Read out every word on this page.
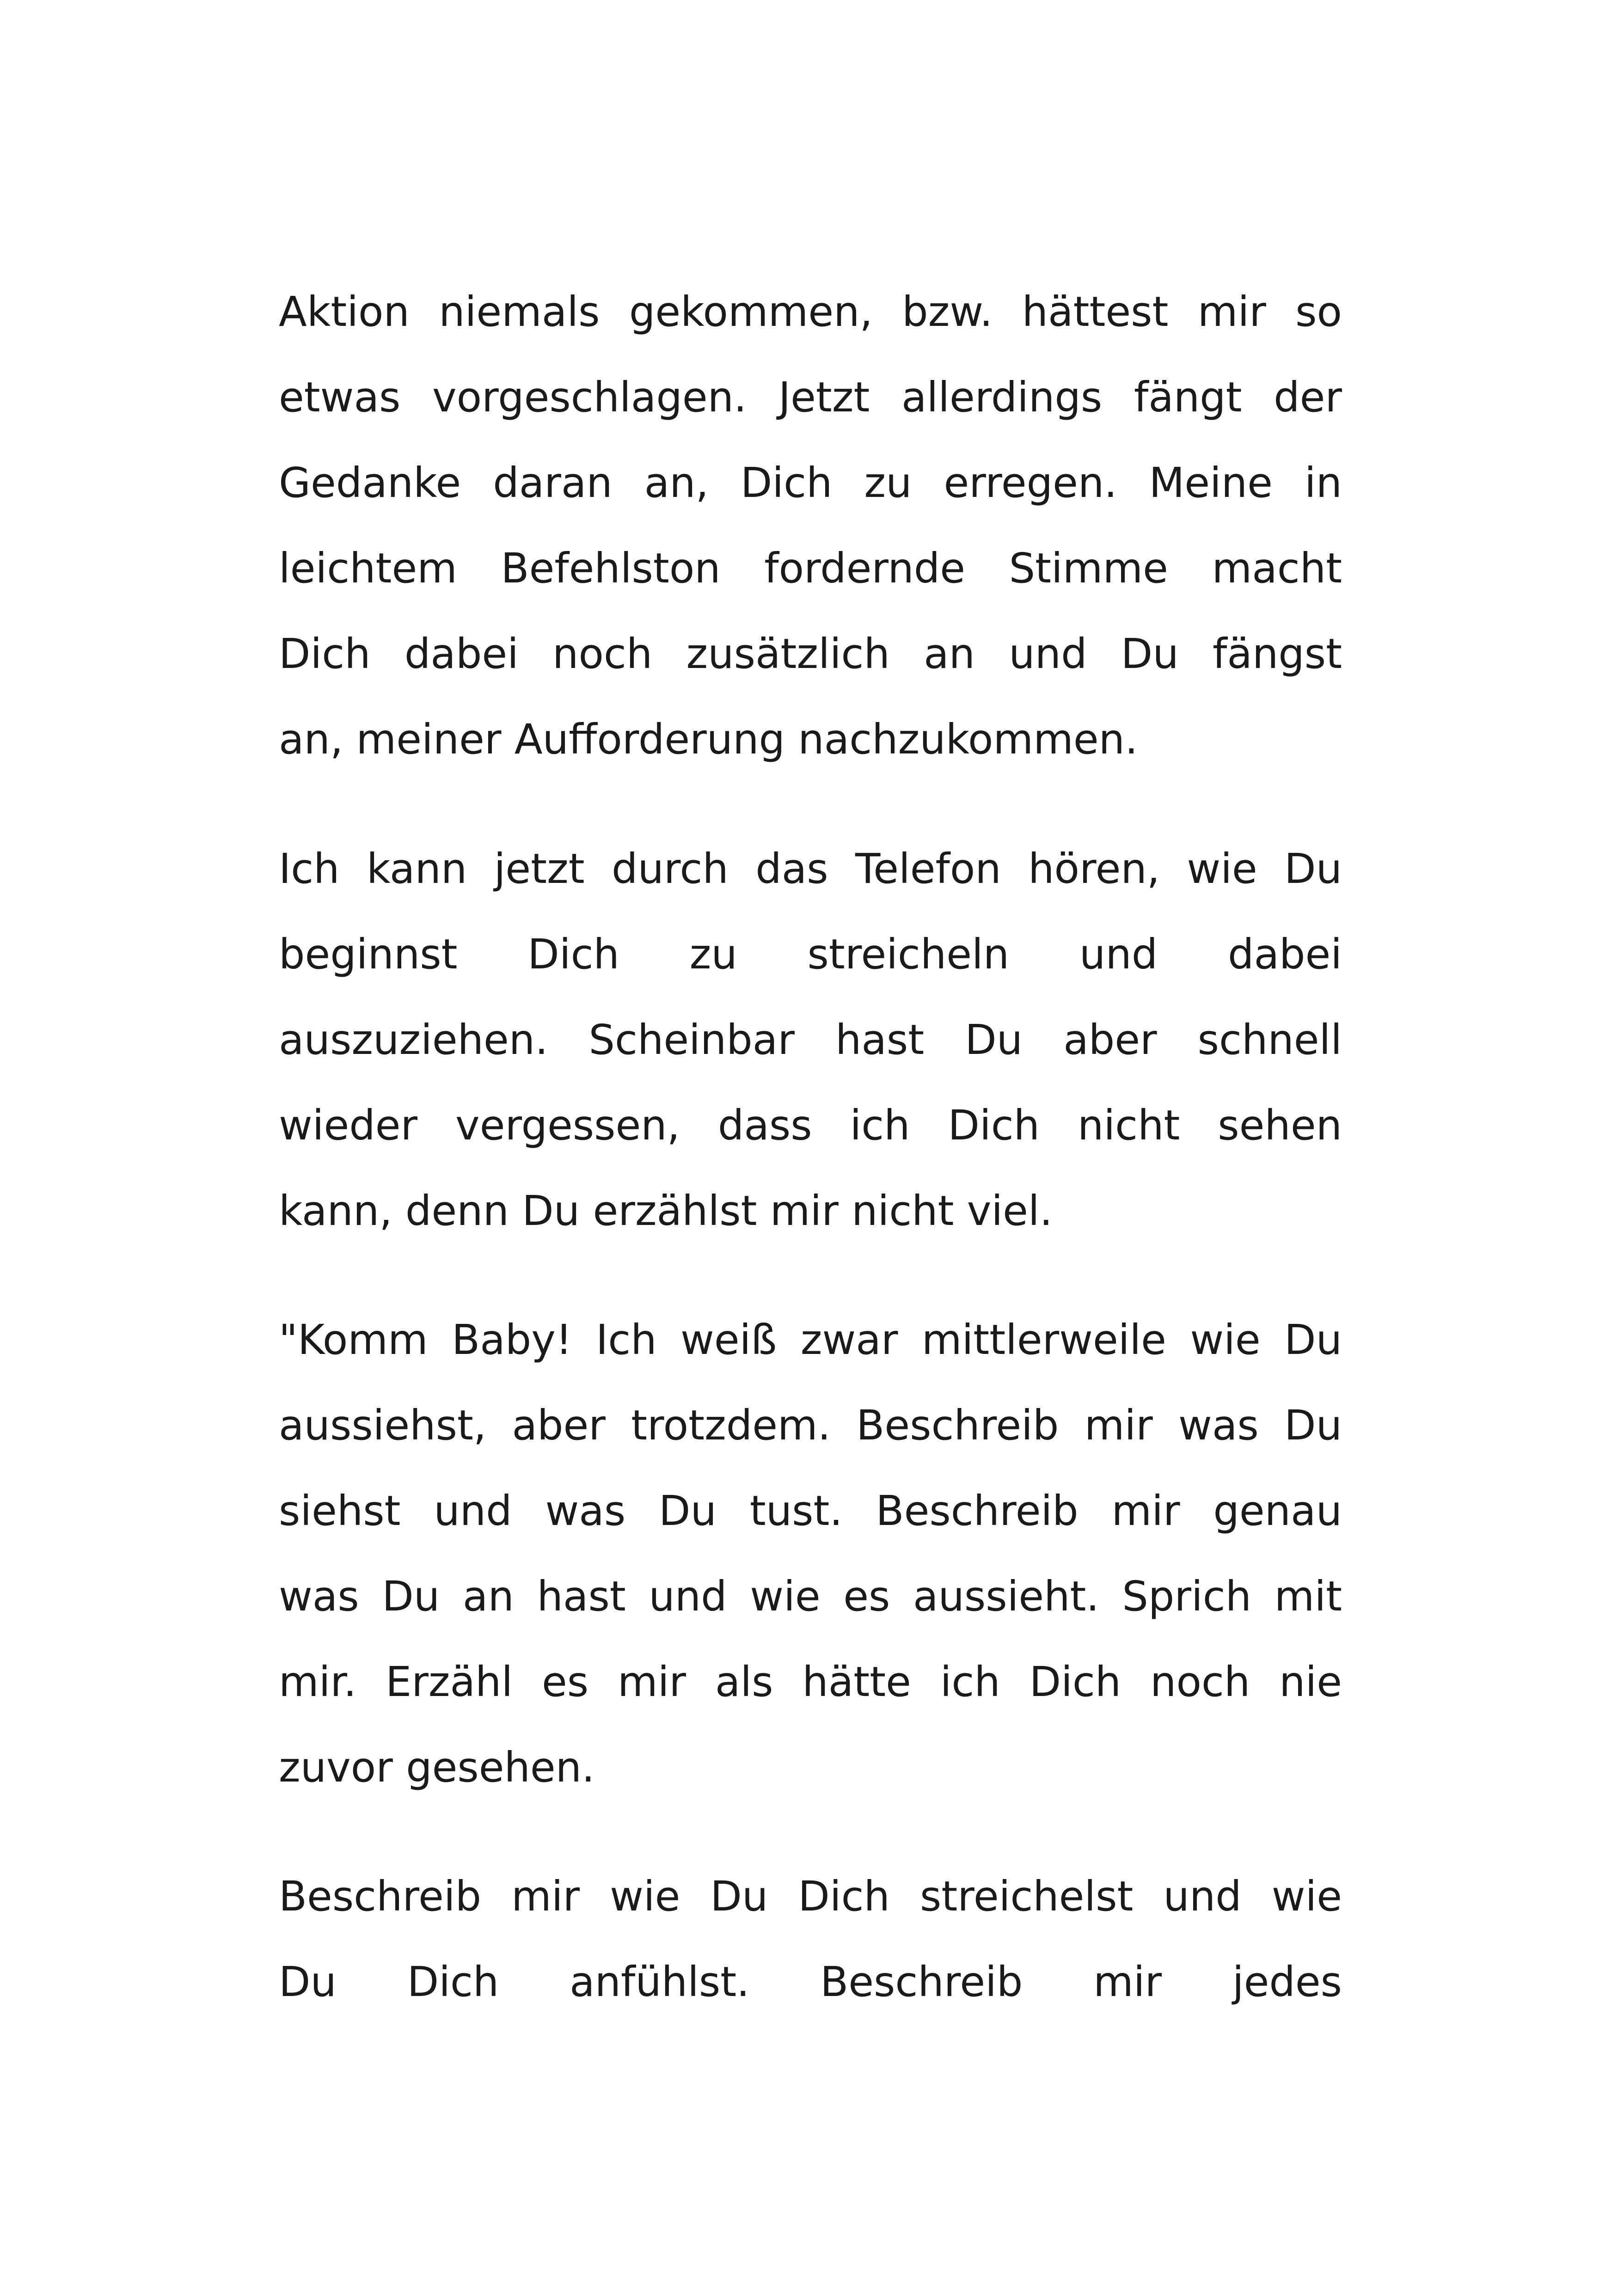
Aktion niemals gekommen, bzw. hättest mir so
etwas vorgeschlagen. Jetzt allerdings fängt der
Gedanke daran an, Dich zu erregen. Meine in
leichtem Befehlston fordernde Stimme macht
Dich dabei noch zusätzlich an und Du fängst
an, meiner Aufforderung nachzukommen.

Ich kann jetzt durch das Telefon hören, wie Du
beginnst Dich zu streicheln und dabei
auszuziehen. Scheinbar hast Du aber schnell
wieder vergessen, dass ich Dich nicht sehen
kann, denn Du erzählst mir nicht viel.

"Komm Baby! Ich weiß zwar mittlerweile wie Du
aussiehst, aber trotzdem. Beschreib mir was Du
siehst und was Du tust. Beschreib mir genau
was Du an hast und wie es aussieht. Sprich mit
mir. Erzähl es mir als hätte ich Dich noch nie
zuvor gesehen.

Beschreib mir wie Du Dich streichelst und wie
Du Dich anfühlst. Beschreib mir jedes
